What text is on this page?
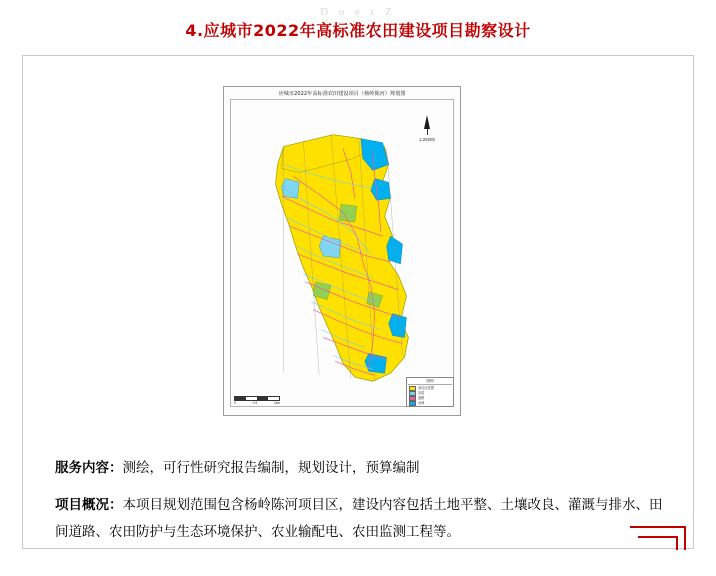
D o e r Z
4.应城市2022年高标准农田建设项目勘察设计
应城市2022年高标准农田建设项目（杨岭陈河）规划图
1:25000
图例
项目区范围
沟渠
道路
水域
0	0.5	1km
服务内容：测绘，可行性研究报告编制，规划设计，预算编制
项目概况：本项目规划范围包含杨岭陈河项目区，建设内容包括土地平整、土壤改良、灌溉与排水、田间道路、农田防护与生态环境保护、农业输配电、农田监测工程等。
